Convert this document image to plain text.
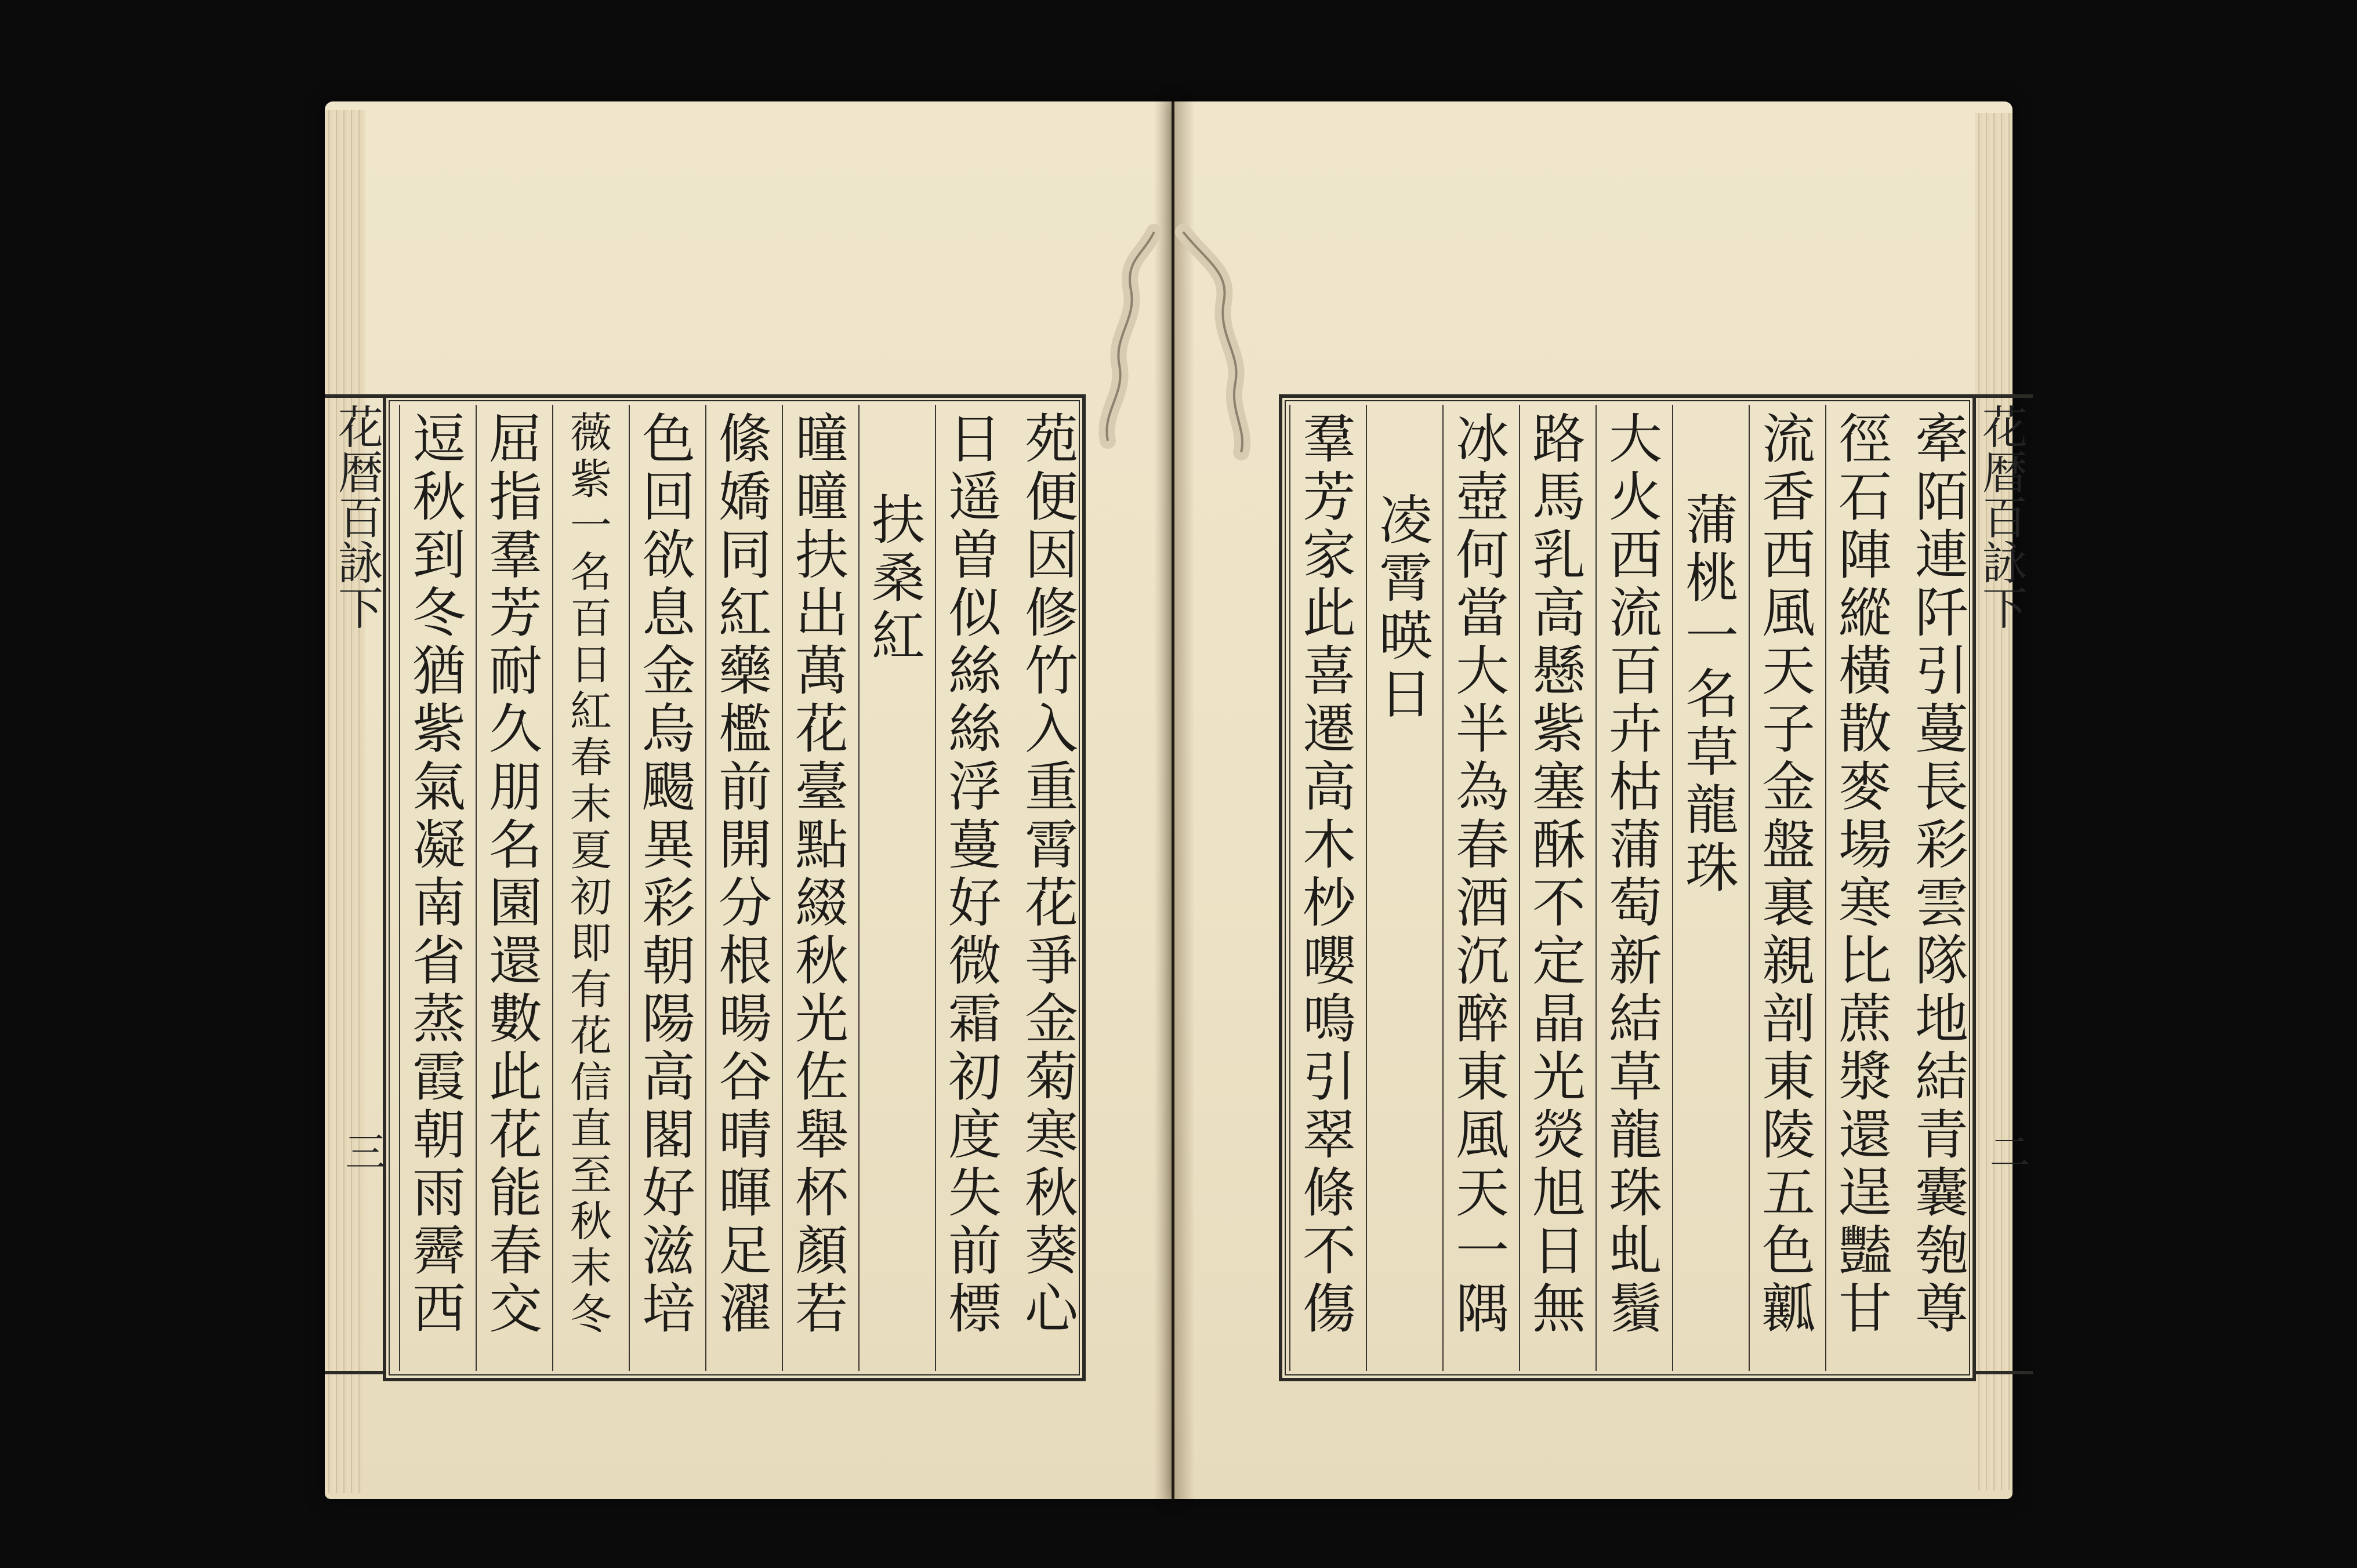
花暦百詠下
三
苑便因修竹入重霄花爭金菊寒秋葵心
日遥曽似絲絲浮蔓好微霜初度失前標
扶桑紅
曈曈扶出萬花臺點綴秋光佐舉杯顏若
絛嬌同紅藥檻前開分根暘谷晴暉足濯
色回欲息金烏颺異彩朝陽高閣好滋培
薇紫一名百日紅春末夏初即有花信直至秋末冬
屈指羣芳耐久朋名園還數此花能春交
逗秋到冬猶紫氣凝南省蒸霞朝雨霽西
花暦百詠下
二
牽陌連阡引蔓長彩雲隊地結青囊匏尊
徑石陣縱橫散麥場寒比蔗漿還逞豔甘
流香西風天子金盤裏親剖東陵五色瓤
蒲桃一名草龍珠
大火西流百卉枯蒲萄新結草龍珠虬鬚
路馬乳高懸紫塞酥不定晶光熒旭日無
冰壺何當大半為春酒沉醉東風天一隅
凌霄暎日
羣芳家此喜遷高木杪嚶鳴引翠條不傷
